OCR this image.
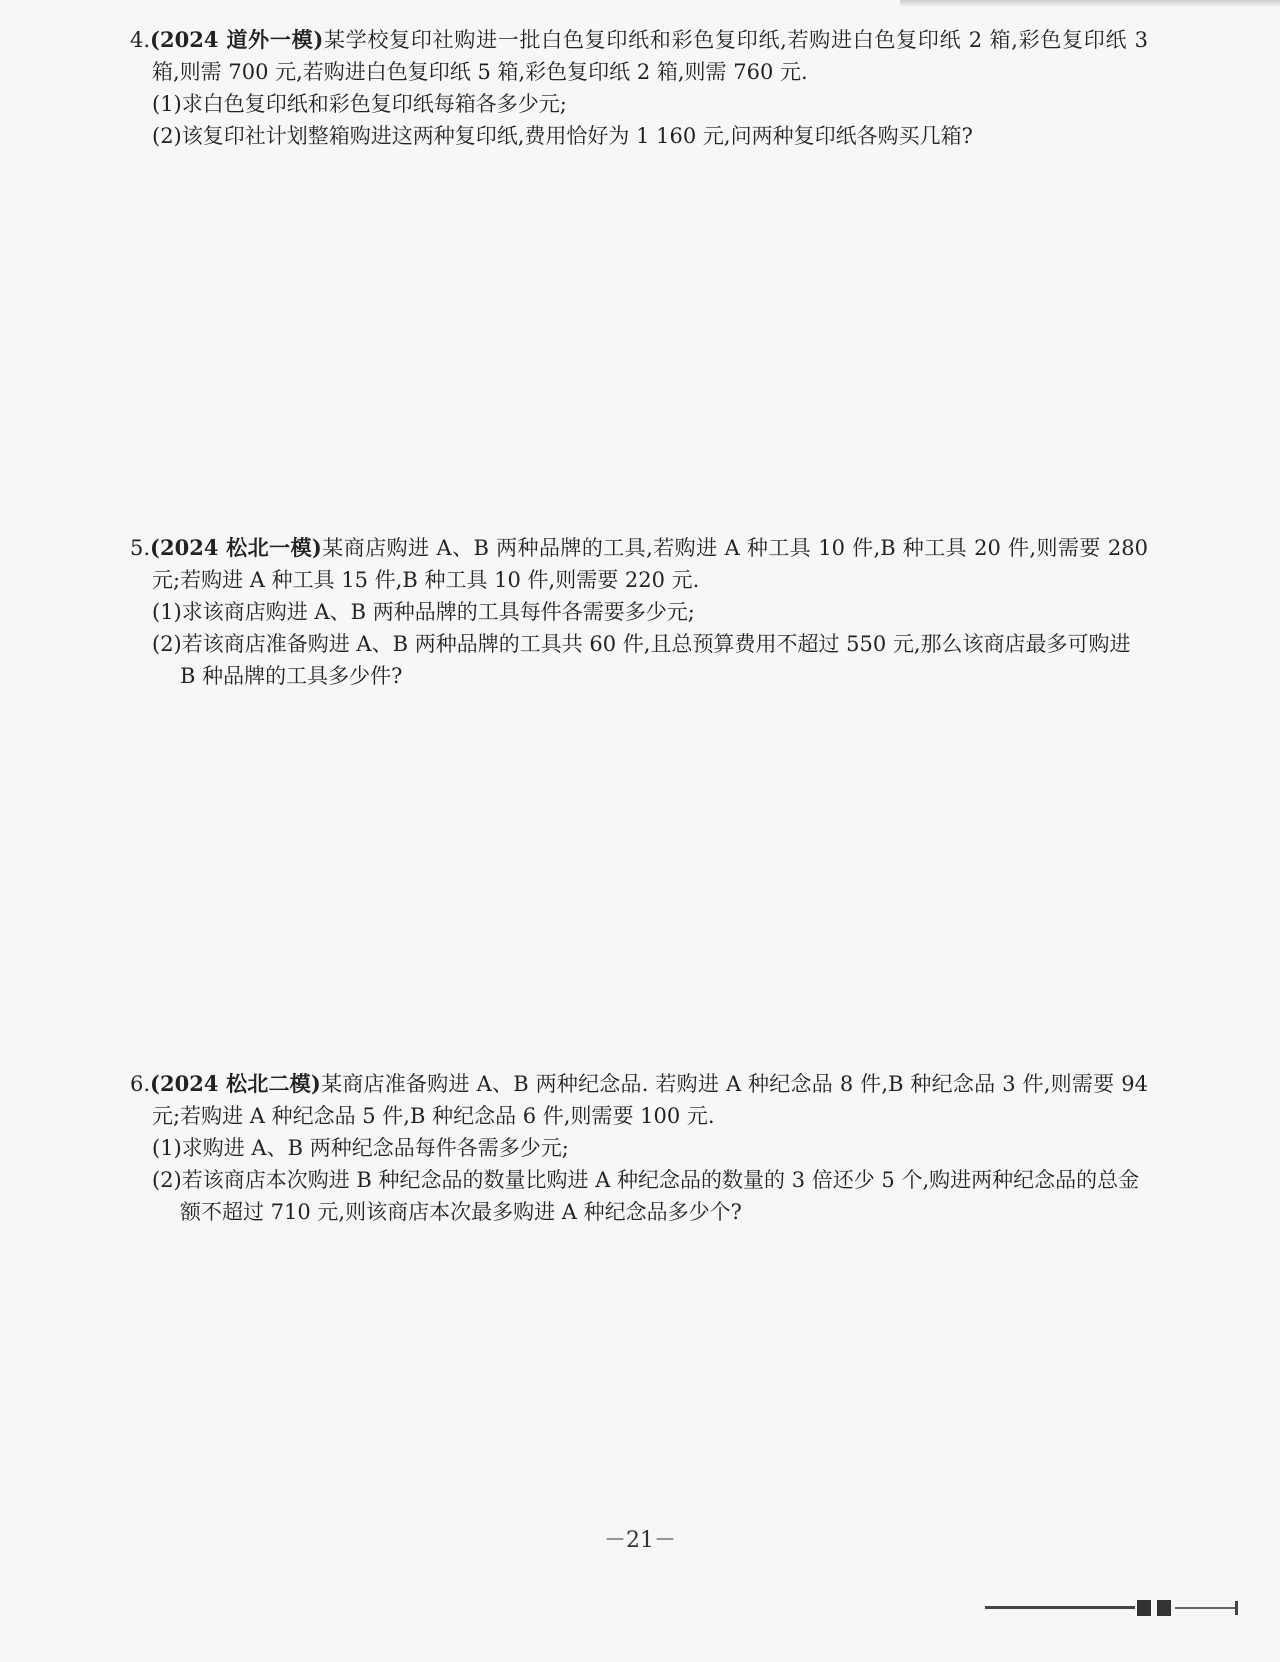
4.(2024 道外一模)某学校复印社购进一批白色复印纸和彩色复印纸,若购进白色复印纸 2 箱,彩色复印纸 3 箱,则需 700 元,若购进白色复印纸 5 箱,彩色复印纸 2 箱,则需 760 元.

(1)求白色复印纸和彩色复印纸每箱各多少元;

(2)该复印社计划整箱购进这两种复印纸,费用恰好为 1 160 元,问两种复印纸各购买几箱?

5.(2024 松北一模)某商店购进 A、B 两种品牌的工具,若购进 A 种工具 10 件,B 种工具 20 件,则需要 280 元;若购进 A 种工具 15 件,B 种工具 10 件,则需要 220 元.

(1)求该商店购进 A、B 两种品牌的工具每件各需要多少元;

(2)若该商店准备购进 A、B 两种品牌的工具共 60 件,且总预算费用不超过 550 元,那么该商店最多可购进 B 种品牌的工具多少件?

6.(2024 松北二模)某商店准备购进 A、B 两种纪念品. 若购进 A 种纪念品 8 件,B 种纪念品 3 件,则需要 94 元;若购进 A 种纪念品 5 件,B 种纪念品 6 件,则需要 100 元.

(1)求购进 A、B 两种纪念品每件各需多少元;

(2)若该商店本次购进 B 种纪念品的数量比购进 A 种纪念品的数量的 3 倍还少 5 个,购进两种纪念品的总金额不超过 710 元,则该商店本次最多购进 A 种纪念品多少个?

－21－
